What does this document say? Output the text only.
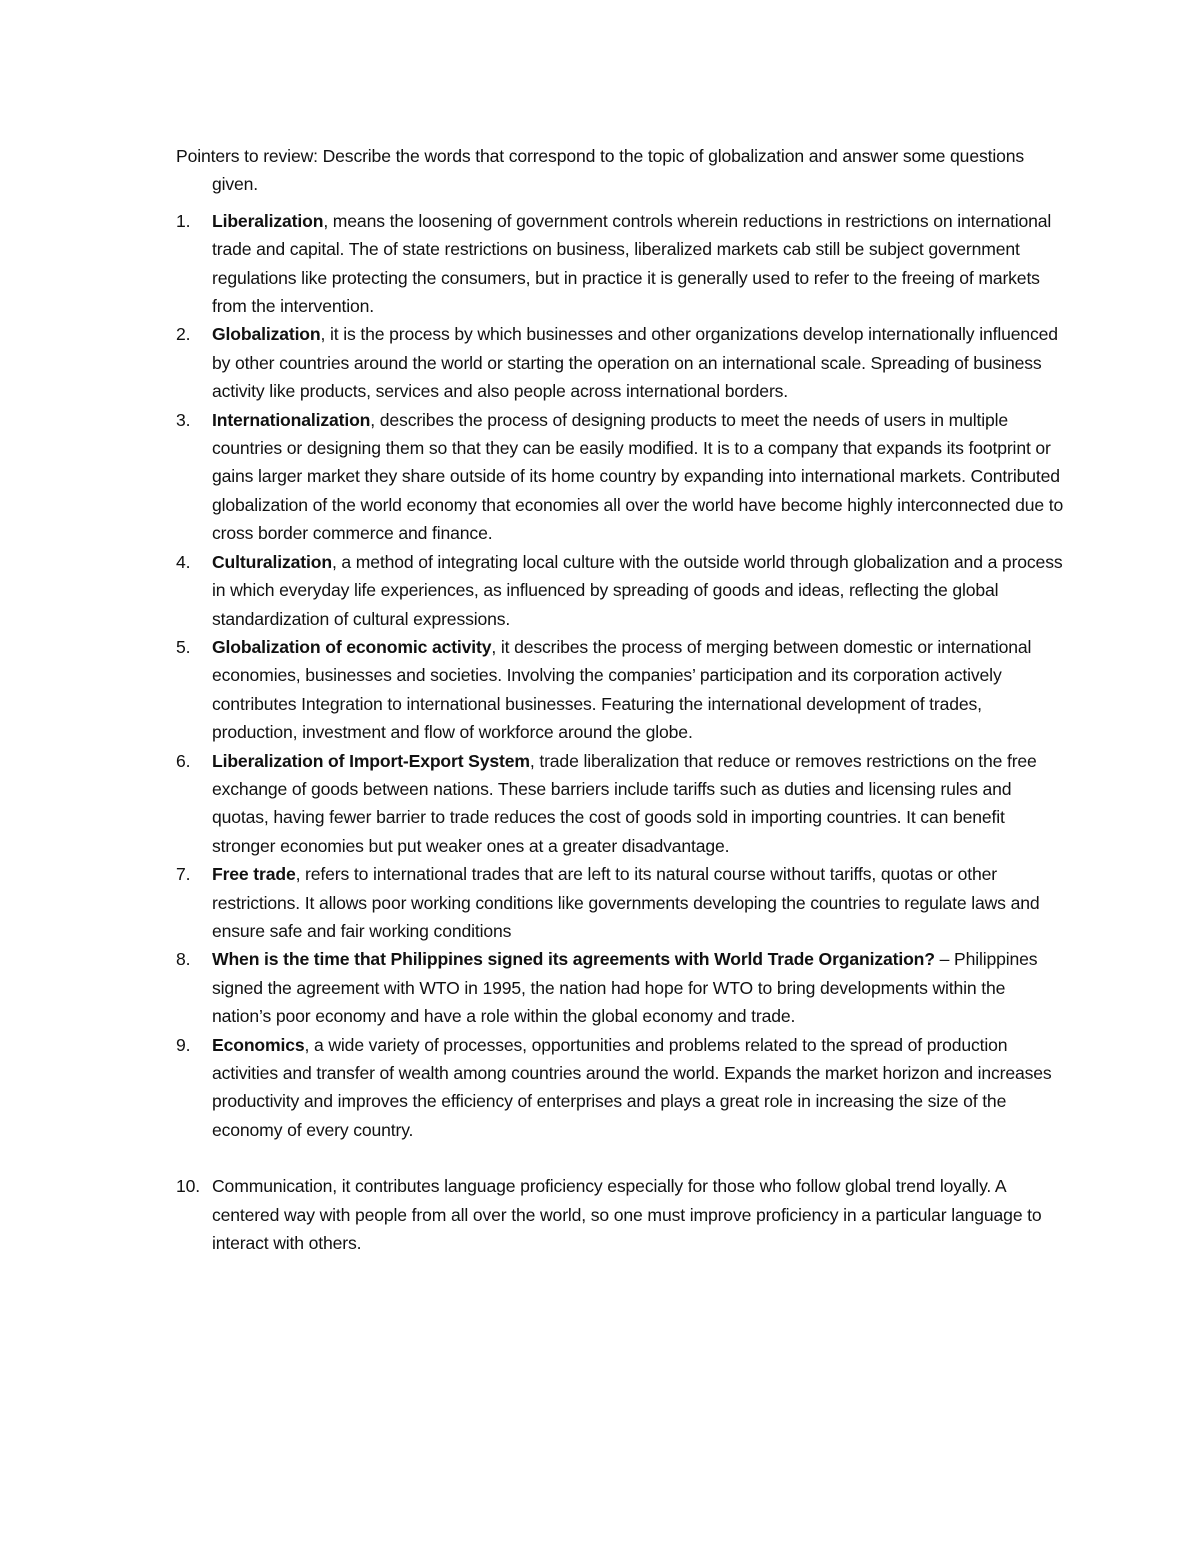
Pointers to review: Describe the words that correspond to the topic of globalization and answer some questions given.

1.	Liberalization, means the loosening of government controls wherein reductions in restrictions on international trade and capital. The of state restrictions on business, liberalized markets cab still be subject government regulations like protecting the consumers, but in practice it is generally used to refer to the freeing of markets from the intervention.
2.	Globalization, it is the process by which businesses and other organizations develop internationally influenced by other countries around the world or starting the operation on an international scale. Spreading of business activity like products, services and also people across international borders.
3.	Internationalization, describes the process of designing products to meet the needs of users in multiple countries or designing them so that they can be easily modified. It is to a company that expands its footprint or gains larger market they share outside of its home country by expanding into international markets. Contributed globalization of the world economy that economies all over the world have become highly interconnected due to cross border commerce and finance.
4.	Culturalization, a method of integrating local culture with the outside world through globalization and a process in which everyday life experiences, as influenced by spreading of goods and ideas, reflecting the global standardization of cultural expressions.
5.	Globalization of economic activity, it describes the process of merging between domestic or international economies, businesses and societies. Involving the companies’ participation and its corporation actively contributes Integration to international businesses. Featuring the international development of trades, production, investment and flow of workforce around the globe.
6.	Liberalization of Import-Export System, trade liberalization that reduce or removes restrictions on the free exchange of goods between nations. These barriers include tariffs such as duties and licensing rules and quotas, having fewer barrier to trade reduces the cost of goods sold in importing countries. It can benefit stronger economies but put weaker ones at a greater disadvantage.
7.	Free trade, refers to international trades that are left to its natural course without tariffs, quotas or other restrictions. It allows poor working conditions like governments developing the countries to regulate laws and ensure safe and fair working conditions
8.	When is the time that Philippines signed its agreements with World Trade Organization? – Philippines signed the agreement with WTO in 1995, the nation had hope for WTO to bring developments within the nation’s poor economy and have a role within the global economy and trade.
9.	Economics, a wide variety of processes, opportunities and problems related to the spread of production activities and transfer of wealth among countries around the world. Expands the market horizon and increases productivity and improves the efficiency of enterprises and plays a great role in increasing the size of the economy of every country.
10. Communication, it contributes language proficiency especially for those who follow global trend loyally. A centered way with people from all over the world, so one must improve proficiency in a particular language to interact with others.
